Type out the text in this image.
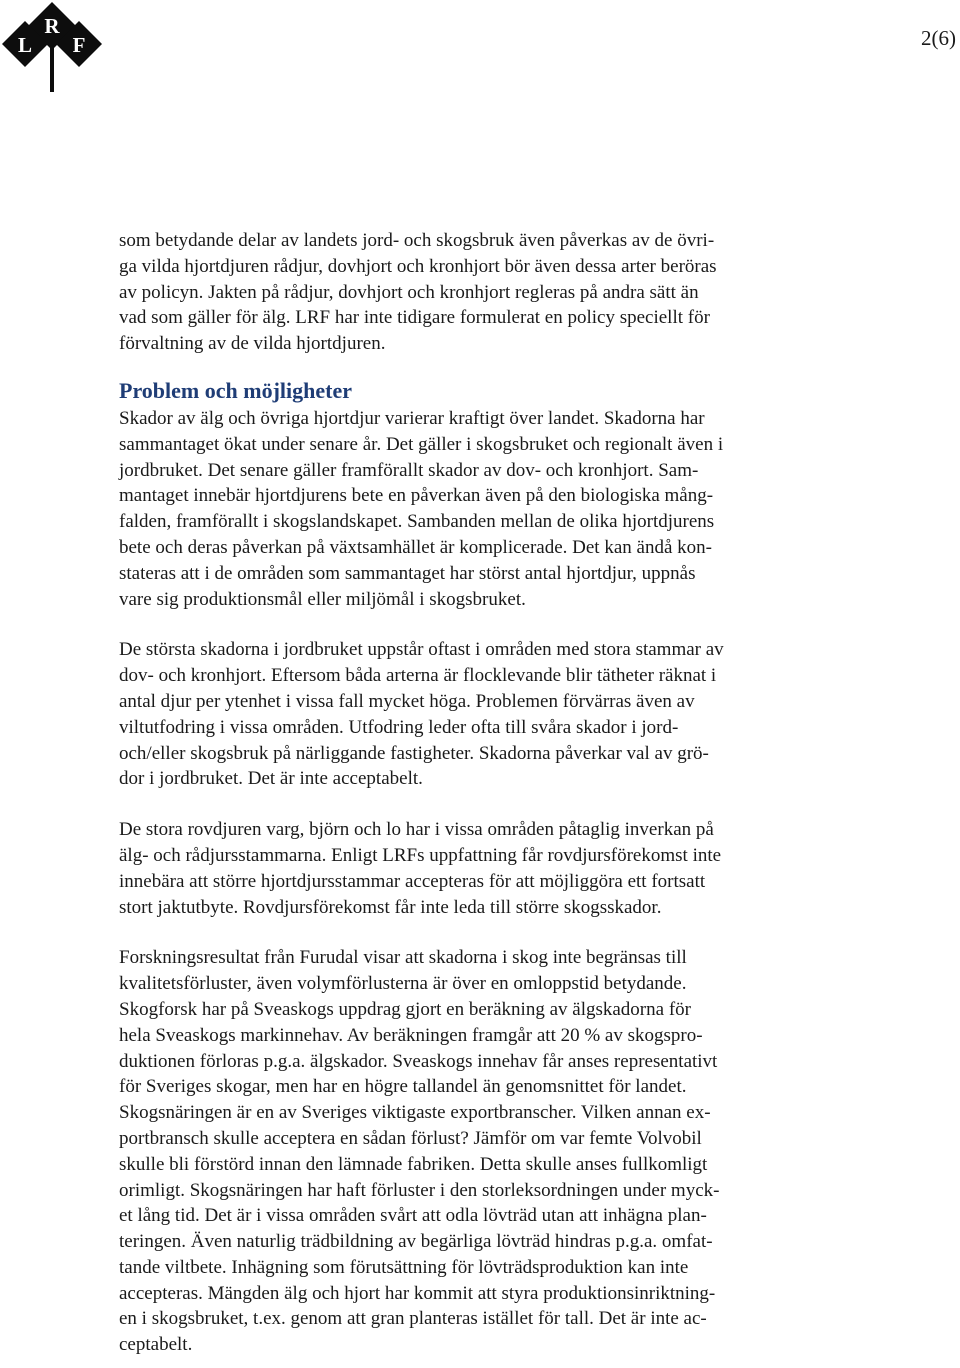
R
L F	2(6)
som betydande delar av landets jord- och skogsbruk även påverkas av de övri-
ga vilda hjortdjuren rådjur, dovhjort och kronhjort bör även dessa arter beröras
av policyn. Jakten på rådjur, dovhjort och kronhjort regleras på andra sätt än
vad som gäller för älg. LRF har inte tidigare formulerat en policy speciellt för
förvaltning av de vilda hjortdjuren.
Problem och möjligheter
Skador av älg och övriga hjortdjur varierar kraftigt över landet. Skadorna har
sammantaget ökat under senare år. Det gäller i skogsbruket och regionalt även i
jordbruket. Det senare gäller framförallt skador av dov- och kronhjort. Sam-
mantaget innebär hjortdjurens bete en påverkan även på den biologiska mång-
falden, framförallt i skogslandskapet. Sambanden mellan de olika hjortdjurens
bete och deras påverkan på växtsamhället är komplicerade. Det kan ändå kon-
stateras att i de områden som sammantaget har störst antal hjortdjur, uppnås
vare sig produktionsmål eller miljömål i skogsbruket.
De största skadorna i jordbruket uppstår oftast i områden med stora stammar av
dov- och kronhjort. Eftersom båda arterna är flocklevande blir tätheter räknat i
antal djur per ytenhet i vissa fall mycket höga. Problemen förvärras även av
viltutfodring i vissa områden. Utfodring leder ofta till svåra skador i jord-
och/eller skogsbruk på närliggande fastigheter. Skadorna påverkar val av grö-
dor i jordbruket. Det är inte acceptabelt.
De stora rovdjuren varg, björn och lo har i vissa områden påtaglig inverkan på
älg- och rådjursstammarna. Enligt LRFs uppfattning får rovdjursförekomst inte
innebära att större hjortdjursstammar accepteras för att möjliggöra ett fortsatt
stort jaktutbyte. Rovdjursförekomst får inte leda till större skogsskador.
Forskningsresultat från Furudal visar att skadorna i skog inte begränsas till
kvalitetsförluster, även volymförlusterna är över en omloppstid betydande.
Skogforsk har på Sveaskogs uppdrag gjort en beräkning av älgskadorna för
hela Sveaskogs markinnehav. Av beräkningen framgår att 20 % av skogspro-
duktionen förloras p.g.a. älgskador. Sveaskogs innehav får anses representativt
för Sveriges skogar, men har en högre tallandel än genomsnittet för landet.
Skogsnäringen är en av Sveriges viktigaste exportbranscher. Vilken annan ex-
portbransch skulle acceptera en sådan förlust? Jämför om var femte Volvobil
skulle bli förstörd innan den lämnade fabriken. Detta skulle anses fullkomligt
orimligt. Skogsnäringen har haft förluster i den storleksordningen under myck-
et lång tid. Det är i vissa områden svårt att odla lövträd utan att inhägna plan-
teringen. Även naturlig trädbildning av begärliga lövträd hindras p.g.a. omfat-
tande viltbete. Inhägning som förutsättning för lövträdsproduktion kan inte
accepteras. Mängden älg och hjort har kommit att styra produktionsinriktning-
en i skogsbruket, t.ex. genom att gran planteras istället för tall. Det är inte ac-
ceptabelt.
